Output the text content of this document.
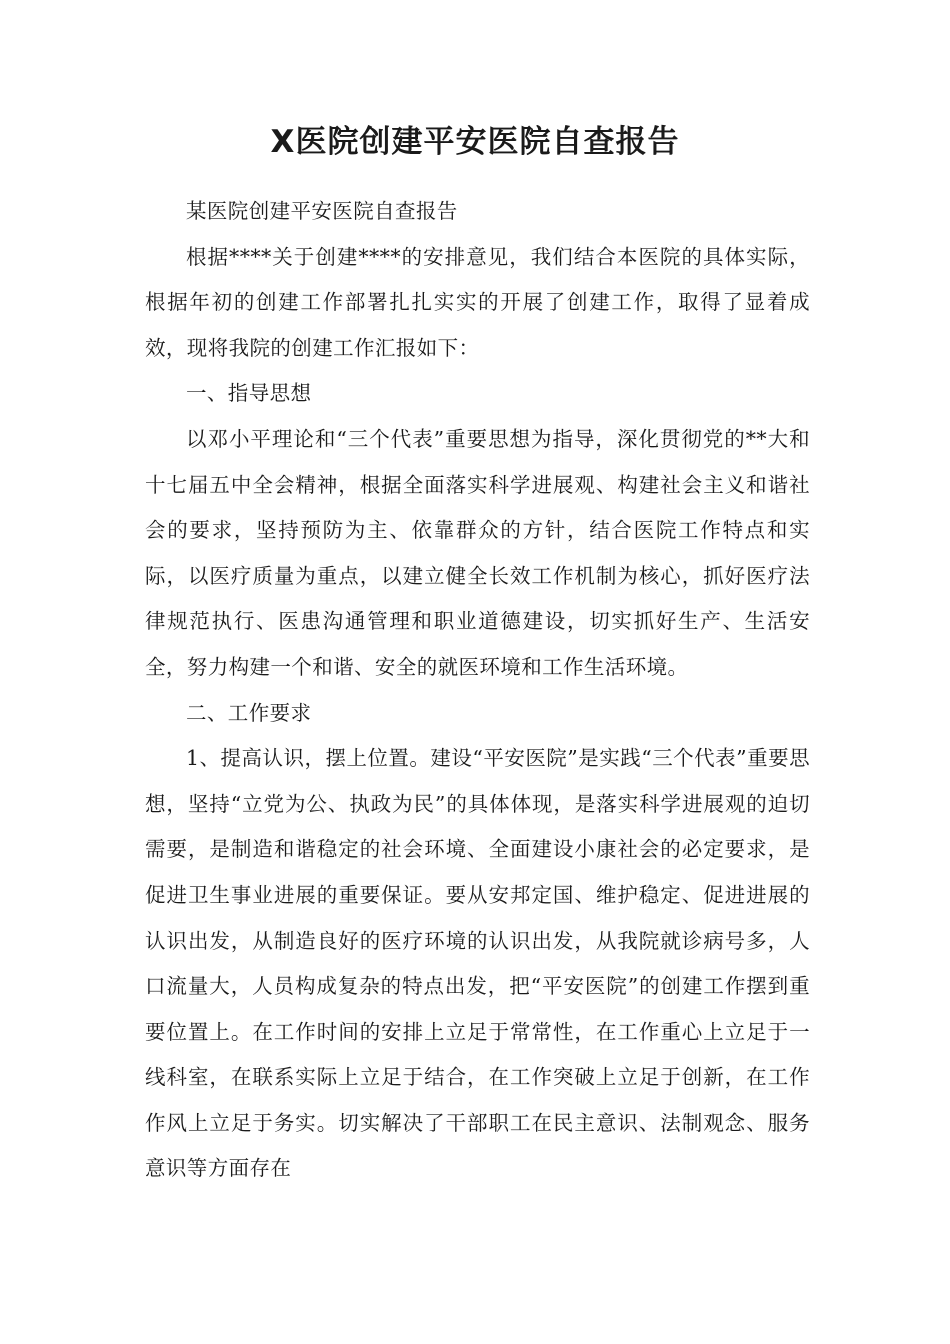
X医院创建平安医院自查报告

某医院创建平安医院自查报告

根据****关于创建****的安排意见，我们结合本医院的具体实际，根据年初的创建工作部署扎扎实实的开展了创建工作，取得了显着成效，现将我院的创建工作汇报如下：

一、指导思想

以邓小平理论和“三个代表”重要思想为指导，深化贯彻党的**大和十七届五中全会精神，根据全面落实科学进展观、构建社会主义和谐社会的要求，坚持预防为主、依靠群众的方针，结合医院工作特点和实际，以医疗质量为重点，以建立健全长效工作机制为核心，抓好医疗法律规范执行、医患沟通管理和职业道德建设，切实抓好生产、生活安全，努力构建一个和谐、安全的就医环境和工作生活环境。

二、工作要求

1、提高认识，摆上位置。建设“平安医院”是实践“三个代表”重要思想，坚持“立党为公、执政为民”的具体体现，是落实科学进展观的迫切需要，是制造和谐稳定的社会环境、全面建设小康社会的必定要求，是促进卫生事业进展的重要保证。要从安邦定国、维护稳定、促进进展的认识出发，从制造良好的医疗环境的认识出发，从我院就诊病号多，人口流量大，人员构成复杂的特点出发，把“平安医院”的创建工作摆到重要位置上。在工作时间的安排上立足于常常性，在工作重心上立足于一线科室，在联系实际上立足于结合，在工作突破上立足于创新，在工作作风上立足于务实。切实解决了干部职工在民主意识、法制观念、服务意识等方面存在
